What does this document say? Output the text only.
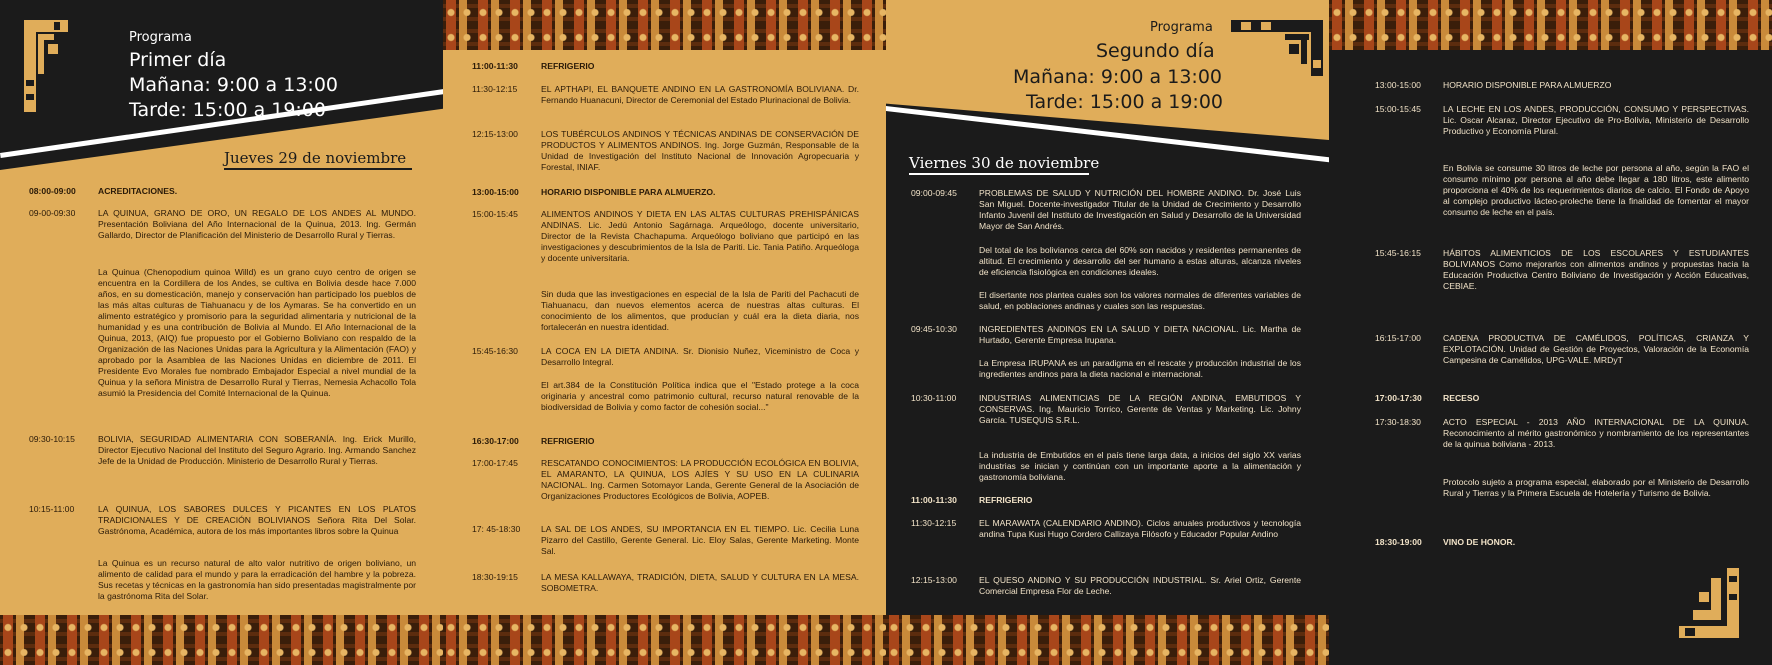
Programa
Primer día
Mañana: 9:00 a 13:00
Tarde: 15:00 a 19:00
Jueves 29 de noviembre
08:00-09:00	ACREDITACIONES.
09-00-09:30	LA QUINUA, GRANO DE ORO, UN REGALO DE LOS ANDES AL MUNDO. Presentación Boliviana del Año Internacional de la Quinua, 2013. Ing. Germán Gallardo, Director de Planificación del Ministerio de Desarrollo Rural y Tierras.
La Quinua (Chenopodium quinoa Willd) es un grano cuyo centro de origen se encuentra en la Cordillera de los Andes, se cultiva en Bolivia desde hace 7.000 años, en su domesticación, manejo y conservación han participado los pueblos de las más altas culturas de Tiahuanacu y de los Aymaras. Se ha convertido en un alimento estratégico y promisorio para la seguridad alimentaria y nutricional de la humanidad y es una contribución de Bolivia al Mundo. El Año Internacional de la Quinua, 2013, (AIQ) fue propuesto por el Gobierno Boliviano con respaldo de la Organización de las Naciones Unidas para la Agricultura y la Alimentación (FAO) y aprobado por la Asamblea de las Naciones Unidas en diciembre de 2011. El Presidente Evo Morales fue nombrado Embajador Especial a nivel mundial de la Quinua y la señora Ministra de Desarrollo Rural y Tierras, Nemesia Achacollo Tola asumió la Presidencia del Comité Internacional de la Quinua.
09:30-10:15	BOLIVIA, SEGURIDAD ALIMENTARIA CON SOBERANÍA. Ing. Erick Murillo, Director Ejecutivo Nacional del Instituto del Seguro Agrario. Ing. Armando Sanchez Jefe de la Unidad de Producción. Ministerio de Desarrollo Rural y Tierras.
10:15-11:00	LA QUINUA, LOS SABORES DULCES Y PICANTES EN LOS PLATOS TRADICIONALES Y DE CREACIÓN BOLIVIANOS Señora Rita Del Solar. Gastrónoma, Académica, autora de los más importantes libros sobre la Quinua
La Quinua es un recurso natural de alto valor nutritivo de origen boliviano, un alimento de calidad para el mundo y para la erradicación del hambre y la pobreza. Sus recetas y técnicas en la gastronomía han sido presentadas magistralmente por la gastrónoma Rita del Solar.
11:00-11:30	REFRIGERIO
11:30-12:15	EL APTHAPI, EL BANQUETE ANDINO EN LA GASTRONOMÍA BOLIVIANA. Dr. Fernando Huanacuni, Director de Ceremonial del Estado Plurinacional de Bolivia.
12:15-13:00	LOS TUBÉRCULOS ANDINOS Y TÉCNICAS ANDINAS DE CONSERVACIÓN DE PRODUCTOS Y ALIMENTOS ANDINOS. Ing. Jorge Guzmán, Responsable de la Unidad de Investigación del Instituto Nacional de Innovación Agropecuaria y Forestal, INIAF.
13:00-15:00	HORARIO DISPONIBLE PARA ALMUERZO.
15:00-15:45	ALIMENTOS ANDINOS Y DIETA EN LAS ALTAS CULTURAS PREHISPÁNICAS ANDINAS. Lic. Jedú Antonio Sagárnaga. Arqueólogo, docente universitario, Director de la Revista Chachapuma. Arqueólogo boliviano que participó en las investigaciones y descubrimientos de la Isla de Pariti. Lic. Tania Patiño. Arqueóloga y docente universitaria.
Sin duda que las investigaciones en especial de la Isla de Pariti del Pachacuti de Tiahuanacu, dan nuevos elementos acerca de nuestras altas culturas. El conocimiento de los alimentos, que producían y cuál era la dieta diaria, nos fortalecerán en nuestra identidad.
15:45-16:30	LA COCA EN LA DIETA ANDINA. Sr. Dionisio Nuñez, Viceministro de Coca y Desarrollo Integral.
El art.384 de la Constitución Política indica que el "Estado protege a la coca originaria y ancestral como patrimonio cultural, recurso natural renovable de la biodiversidad de Bolivia y como factor de cohesión social..."
16:30-17:00	REFRIGERIO
17:00-17:45	RESCATANDO CONOCIMIENTOS: LA PRODUCCIÓN ECOLÓGICA EN BOLIVIA, EL AMARANTO, LA QUINUA, LOS AJÍES Y SU USO EN LA CULINARIA NACIONAL. Ing. Carmen Sotomayor Landa, Gerente General de la Asociación de Organizaciones Productores Ecológicos de Bolivia, AOPEB.
17: 45-18:30	LA SAL DE LOS ANDES, SU IMPORTANCIA EN EL TIEMPO. Lic. Cecilia Luna Pizarro del Castillo, Gerente General. Lic. Eloy Salas, Gerente Marketing. Monte Sal.
18:30-19:15	LA MESA KALLAWAYA, TRADICIÓN, DIETA, SALUD Y CULTURA EN LA MESA. SOBOMETRA.
Programa
Segundo día
Mañana: 9:00 a 13:00
Tarde: 15:00 a 19:00
Viernes 30 de noviembre
09:00-09:45	PROBLEMAS DE SALUD Y NUTRICIÓN DEL HOMBRE ANDINO. Dr. José Luis San Miguel. Docente-investigador Titular de la Unidad de Crecimiento y Desarrollo Infanto Juvenil del Instituto de Investigación en Salud y Desarrollo de la Universidad Mayor de San Andrés.
Del total de los bolivianos cerca del 60% son nacidos y residentes permanentes de altitud. El crecimiento y desarrollo del ser humano a estas alturas, alcanza niveles de eficiencia fisiológica en condiciones ideales.
El disertante nos plantea cuales son los valores normales de diferentes variables de salud, en poblaciones andinas y cuales son las respuestas.
09:45-10:30	INGREDIENTES ANDINOS EN LA SALUD Y DIETA NACIONAL. Lic. Martha de Hurtado, Gerente Empresa Irupana.
La Empresa IRUPANA es un paradigma en el rescate y producción industrial de los ingredientes andinos para la dieta nacional e internacional.
10:30-11:00	INDUSTRIAS ALIMENTICIAS DE LA REGIÓN ANDINA, EMBUTIDOS Y CONSERVAS. Ing. Mauricio Torrico, Gerente de Ventas y Marketing. Lic. Johny García. TUSEQUIS S.R.L.
La industria de Embutidos en el país tiene larga data, a inicios del siglo XX varias industrias se inician y continúan con un importante aporte a la alimentación y gastronomía boliviana.
11:00-11:30	REFRIGERIO
11:30-12:15	EL MARAWATA (CALENDARIO ANDINO). Ciclos anuales productivos y tecnología andina Tupa Kusi Hugo Cordero Callizaya Filósofo y Educador Popular Andino
12:15-13:00	EL QUESO ANDINO Y SU PRODUCCIÓN INDUSTRIAL. Sr. Ariel Ortiz, Gerente Comercial Empresa Flor de Leche.
13:00-15:00	HORARIO DISPONIBLE PARA ALMUERZO
15:00-15:45	LA LECHE EN LOS ANDES, PRODUCCIÓN, CONSUMO Y PERSPECTIVAS. Lic. Oscar Alcaraz, Director Ejecutivo de Pro-Bolivia, Ministerio de Desarrollo Productivo y Economía Plural.
En Bolivia se consume 30 litros de leche por persona al año, según la FAO el consumo mínimo por persona al año debe llegar a 180 litros, este alimento proporciona el 40% de los requerimientos diarios de calcio. El Fondo de Apoyo al complejo productivo lácteo-proleche tiene la finalidad de fomentar el mayor consumo de leche en el país.
15:45-16:15	HÁBITOS ALIMENTICIOS DE LOS ESCOLARES Y ESTUDIANTES BOLIVIANOS Como mejorarlos con alimentos andinos y propuestas hacia la Educación Productiva Centro Boliviano de Investigación y Acción Educativas, CEBIAE.
16:15-17:00	CADENA PRODUCTIVA DE CAMÉLIDOS, POLÍTICAS, CRIANZA Y EXPLOTACIÓN. Unidad de Gestión de Proyectos, Valoración de la Economía Campesina de Camélidos, UPG-VALE. MRDyT
17:00-17:30	RECESO
17:30-18:30	ACTO ESPECIAL - 2013 AÑO INTERNACIONAL DE LA QUINUA. Reconocimiento al mérito gastronómico y nombramiento de los representantes de la quinua boliviana - 2013.
Protocolo sujeto a programa especial, elaborado por el Ministerio de Desarrollo Rural y Tierras y la Primera Escuela de Hotelería y Turismo de Bolivia.
18:30-19:00	VINO DE HONOR.
